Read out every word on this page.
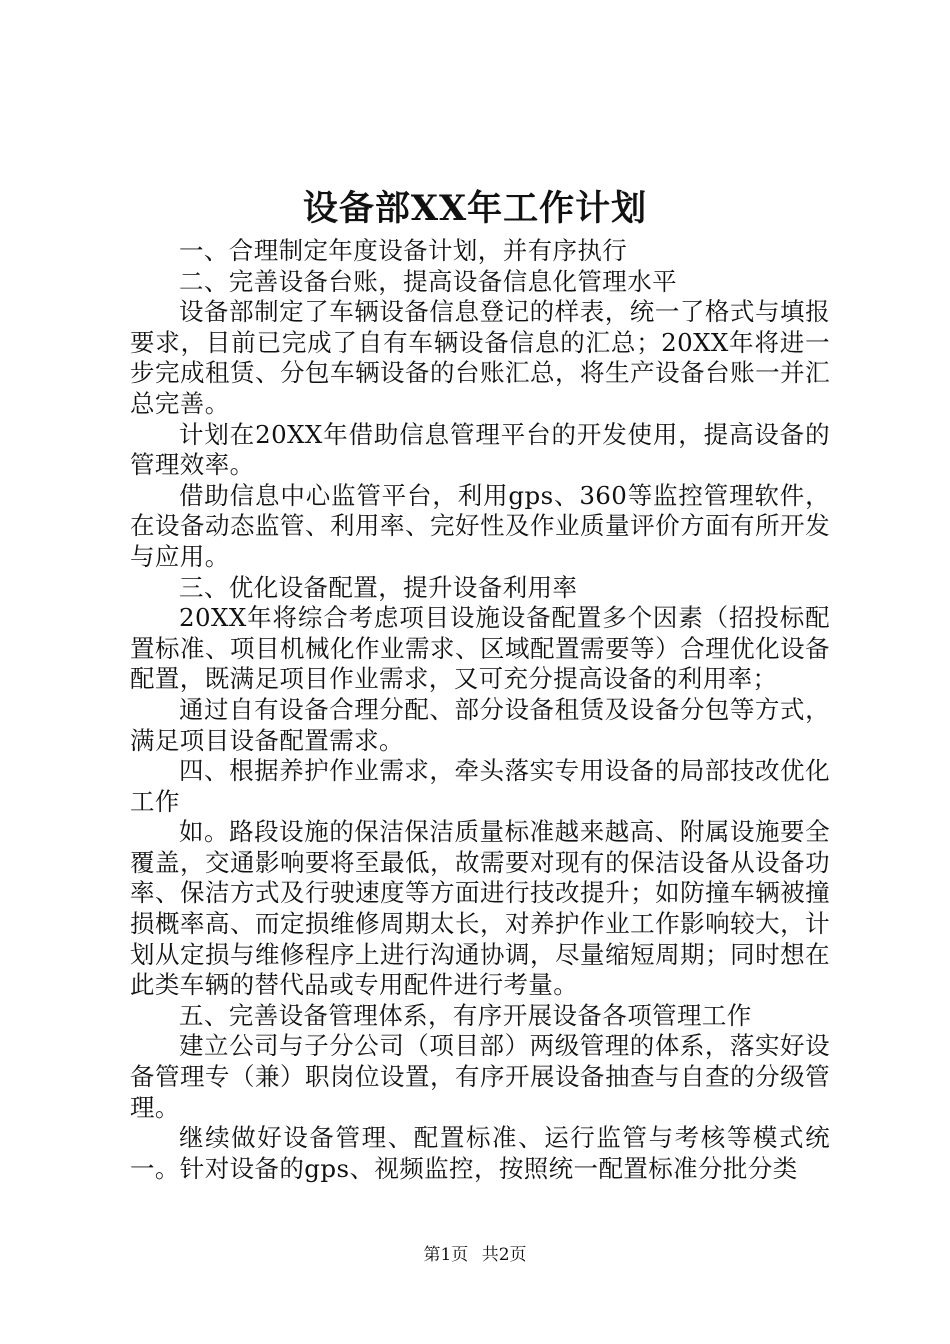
设备部XX年工作计划

一、合理制定年度设备计划，并有序执行

二、完善设备台账，提高设备信息化管理水平

设备部制定了车辆设备信息登记的样表，统一了格式与填报要求，目前已完成了自有车辆设备信息的汇总；20XX年将进一步完成租赁、分包车辆设备的台账汇总，将生产设备台账一并汇总完善。

计划在20XX年借助信息管理平台的开发使用，提高设备的管理效率。

借助信息中心监管平台，利用gps、360等监控管理软件，在设备动态监管、利用率、完好性及作业质量评价方面有所开发与应用。

三、优化设备配置，提升设备利用率

20XX年将综合考虑项目设施设备配置多个因素（招投标配置标准、项目机械化作业需求、区域配置需要等）合理优化设备配置，既满足项目作业需求，又可充分提高设备的利用率；

通过自有设备合理分配、部分设备租赁及设备分包等方式，满足项目设备配置需求。

四、根据养护作业需求，牵头落实专用设备的局部技改优化工作

如。路段设施的保洁保洁质量标准越来越高、附属设施要全覆盖，交通影响要将至最低，故需要对现有的保洁设备从设备功率、保洁方式及行驶速度等方面进行技改提升；如防撞车辆被撞损概率高、而定损维修周期太长，对养护作业工作影响较大，计划从定损与维修程序上进行沟通协调，尽量缩短周期；同时想在此类车辆的替代品或专用配件进行考量。

五、完善设备管理体系，有序开展设备各项管理工作

建立公司与子分公司（项目部）两级管理的体系，落实好设备管理专（兼）职岗位设置，有序开展设备抽查与自查的分级管理。

继续做好设备管理、配置标准、运行监管与考核等模式统一。针对设备的gps、视频监控，按照统一配置标准分批分类

第1页 共2页
